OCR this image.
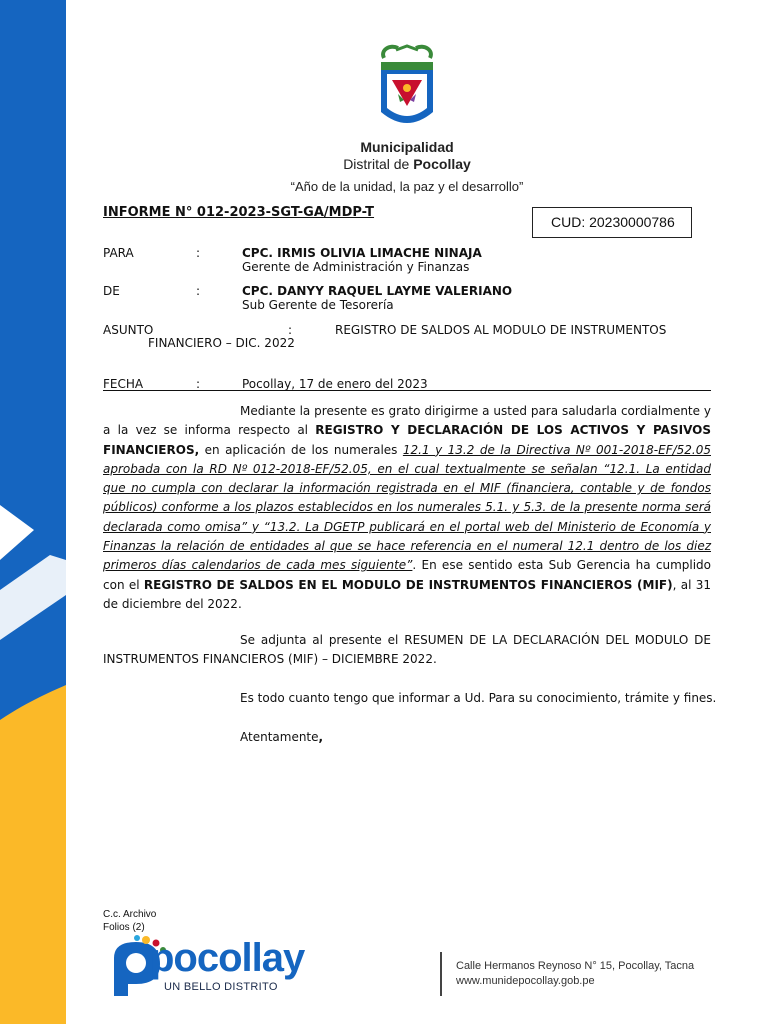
Municipalidad
Distrital de Pocollay
“Año de la unidad, la paz y el desarrollo”
INFORME N° 012-2023-SGT-GA/MDP-T
CUD: 20230000786
PARA	:	CPC. IRMIS OLIVIA LIMACHE NINAJA
Gerente de Administración y Finanzas
DE	:	CPC. DANYY RAQUEL LAYME VALERIANO
Sub Gerente de Tesorería
ASUNTO	:	REGISTRO DE SALDOS AL MODULO DE INSTRUMENTOS
FINANCIERO – DIC. 2022
FECHA	:	Pocollay, 17 de enero del 2023
Mediante la presente es grato dirigirme a usted para saludarla cordialmente y a la vez se informa respecto al REGISTRO Y DECLARACIÓN DE LOS ACTIVOS Y PASIVOS FINANCIEROS, en aplicación de los numerales 12.1 y 13.2 de la Directiva Nº 001-2018-EF/52.05 aprobada con la RD Nº 012-2018-EF/52.05, en el cual textualmente se señalan “12.1. La entidad que no cumpla con declarar la información registrada en el MIF (financiera, contable y de fondos públicos) conforme a los plazos establecidos en los numerales 5.1. y 5.3. de la presente norma será declarada como omisa” y “13.2. La DGETP publicará en el portal web del Ministerio de Economía y Finanzas la relación de entidades al que se hace referencia en el numeral 12.1 dentro de los diez primeros días calendarios de cada mes siguiente”. En ese sentido esta Sub Gerencia ha cumplido con el REGISTRO DE SALDOS EN EL MODULO DE INSTRUMENTOS FINANCIEROS (MIF), al 31 de diciembre del 2022.
Se adjunta al presente el RESUMEN DE LA DECLARACIÓN DEL MODULO DE INSTRUMENTOS FINANCIEROS (MIF) – DICIEMBRE 2022.
Es todo cuanto tengo que informar a Ud. Para su conocimiento, trámite y fines.
Atentamente,
C.c. Archivo
Folios (2)
pocollay
UN BELLO DISTRITO
Calle Hermanos Reynoso N° 15, Pocollay, Tacna
www.munidepocollay.gob.pe
